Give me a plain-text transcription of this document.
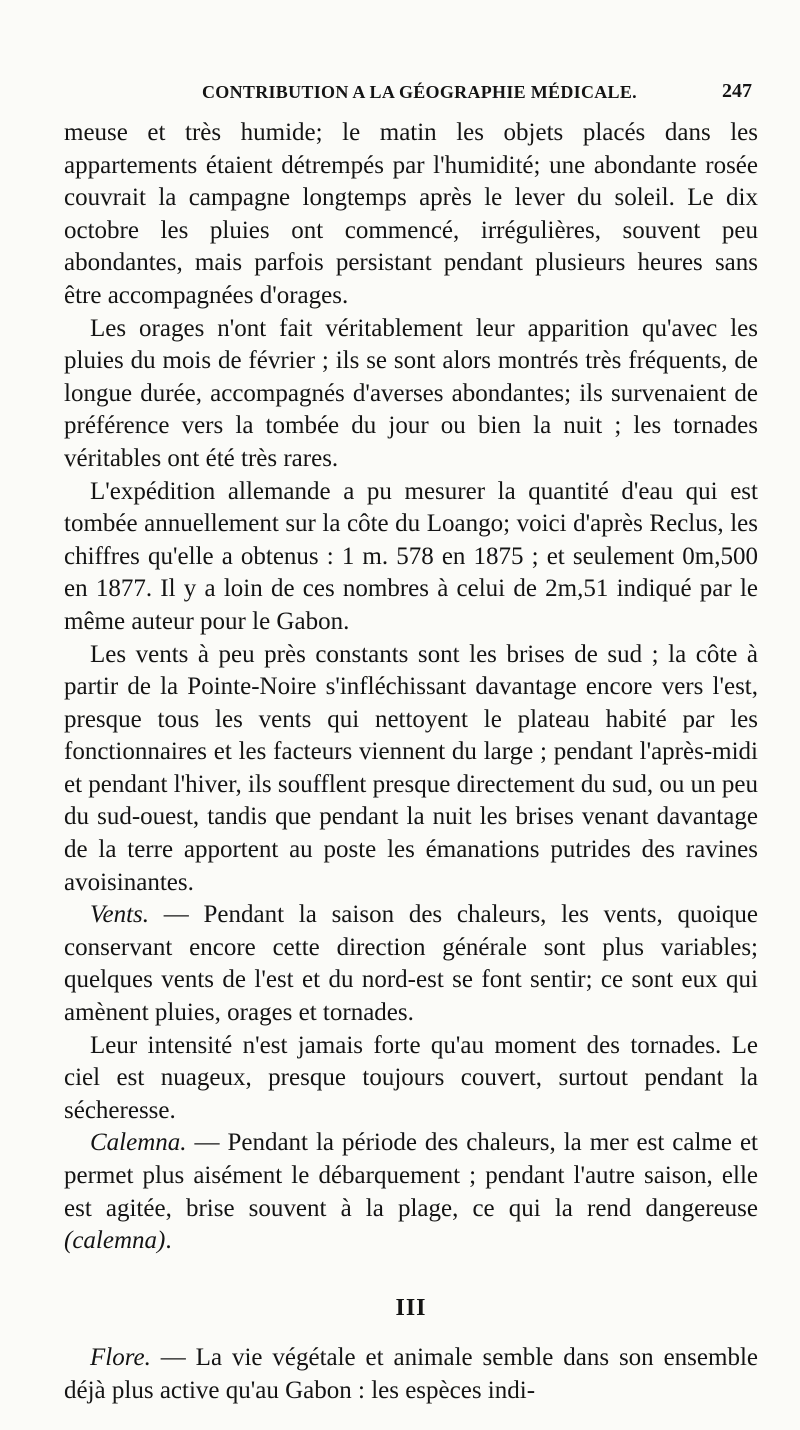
CONTRIBUTION A LA GÉOGRAPHIE MÉDICALE.	247

meuse et très humide; le matin les objets placés dans les appartements étaient détrempés par l'humidité; une abondante rosée couvrait la campagne longtemps après le lever du soleil. Le dix octobre les pluies ont commencé, irrégulières, souvent peu abondantes, mais parfois persistant pendant plusieurs heures sans être accompagnées d'orages.

Les orages n'ont fait véritablement leur apparition qu'avec les pluies du mois de février ; ils se sont alors montrés très fréquents, de longue durée, accompagnés d'averses abondantes; ils survenaient de préférence vers la tombée du jour ou bien la nuit ; les tornades véritables ont été très rares.

L'expédition allemande a pu mesurer la quantité d'eau qui est tombée annuellement sur la côte du Loango; voici d'après Reclus, les chiffres qu'elle a obtenus : 1 m. 578 en 1875 ; et seulement 0m,500 en 1877. Il y a loin de ces nombres à celui de 2m,51 indiqué par le même auteur pour le Gabon.

Les vents à peu près constants sont les brises de sud ; la côte à partir de la Pointe-Noire s'infléchissant davantage encore vers l'est, presque tous les vents qui nettoyent le plateau habité par les fonctionnaires et les facteurs viennent du large ; pendant l'après-midi et pendant l'hiver, ils soufflent presque directement du sud, ou un peu du sud-ouest, tandis que pendant la nuit les brises venant davantage de la terre apportent au poste les émanations putrides des ravines avoisinantes.

Vents. — Pendant la saison des chaleurs, les vents, quoique conservant encore cette direction générale sont plus variables; quelques vents de l'est et du nord-est se font sentir; ce sont eux qui amènent pluies, orages et tornades.

Leur intensité n'est jamais forte qu'au moment des tornades. Le ciel est nuageux, presque toujours couvert, surtout pendant la sécheresse.

Calemna. — Pendant la période des chaleurs, la mer est calme et permet plus aisément le débarquement ; pendant l'autre saison, elle est agitée, brise souvent à la plage, ce qui la rend dangereuse (calemna).

III

Flore. — La vie végétale et animale semble dans son ensemble déjà plus active qu'au Gabon : les espèces indi-
